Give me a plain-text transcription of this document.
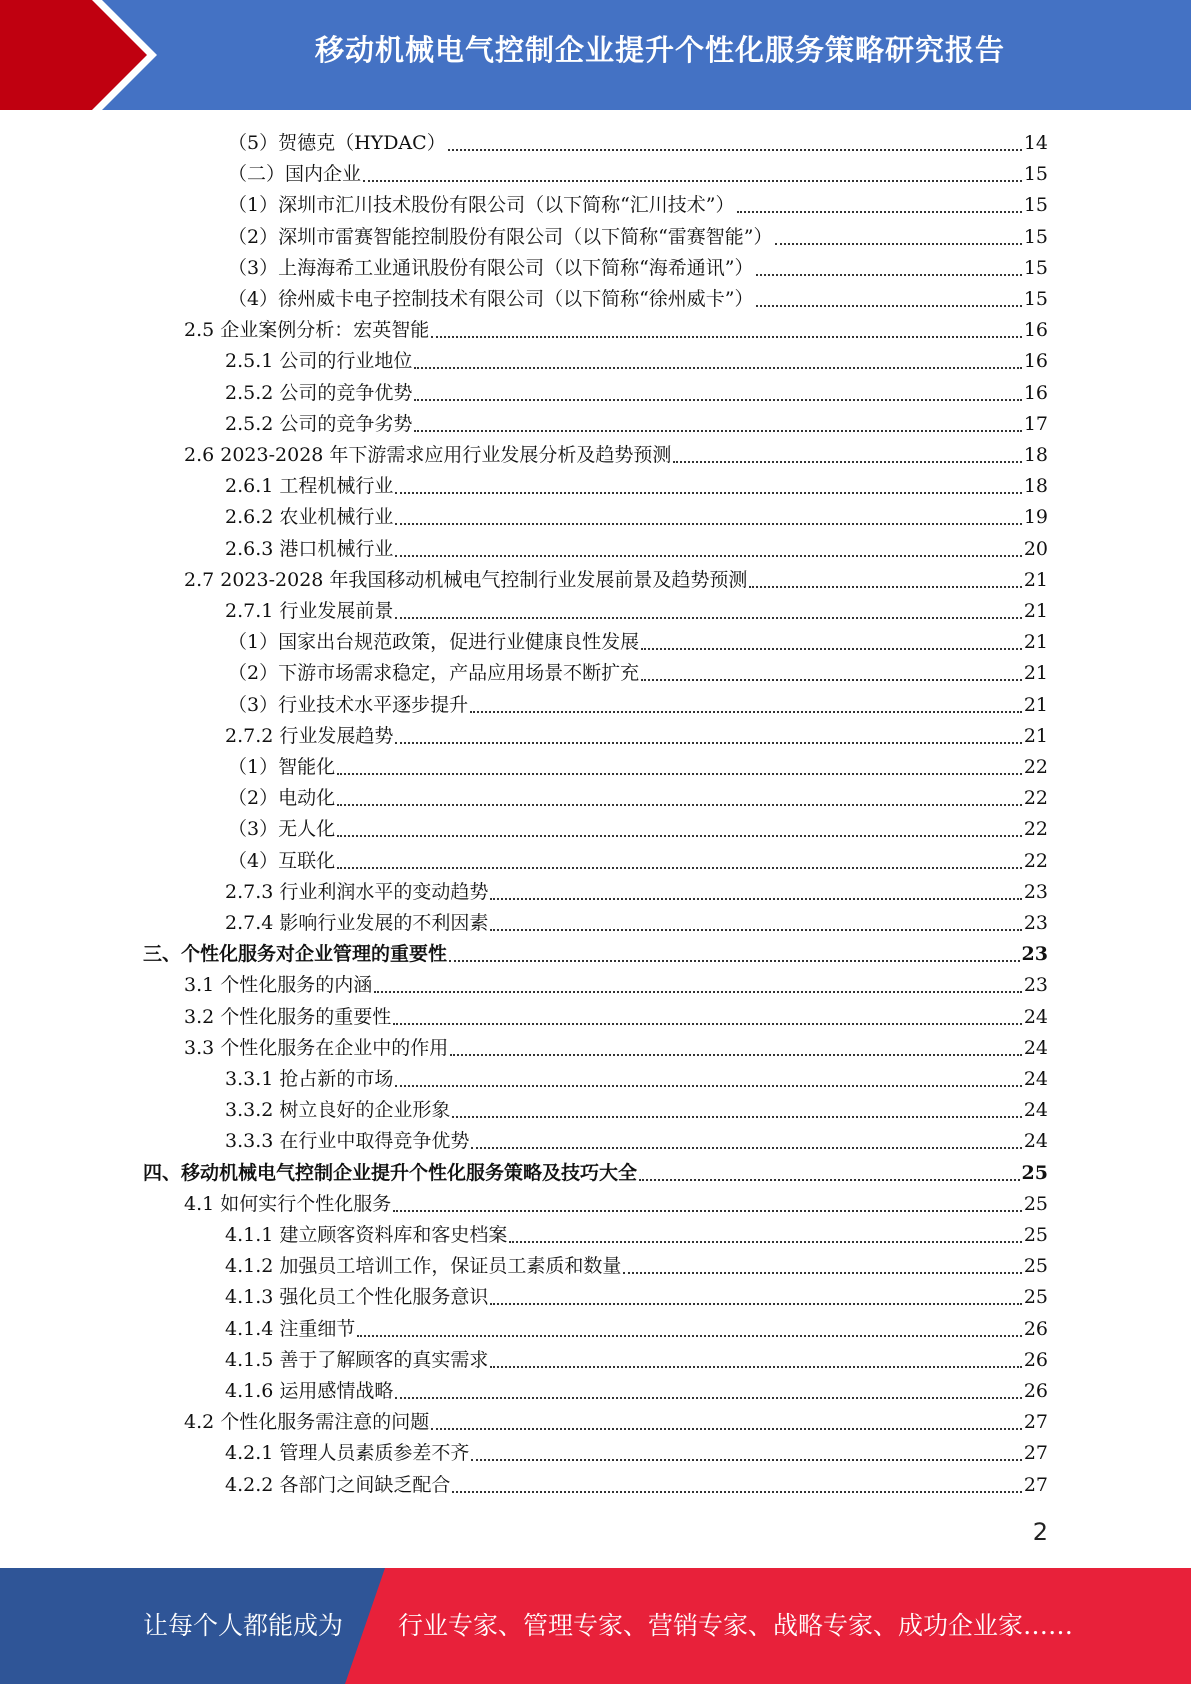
移动机械电气控制企业提升个性化服务策略研究报告
（5）贺德克（HYDAC）	14
（二）国内企业	15
（1）深圳市汇川技术股份有限公司（以下简称“汇川技术”）	15
（2）深圳市雷赛智能控制股份有限公司（以下简称“雷赛智能”）	15
（3）上海海希工业通讯股份有限公司（以下简称“海希通讯”）	15
（4）徐州威卡电子控制技术有限公司（以下简称“徐州威卡”）	15
2.5 企业案例分析：宏英智能	16
2.5.1 公司的行业地位	16
2.5.2 公司的竞争优势	16
2.5.2 公司的竞争劣势	17
2.6 2023-2028 年下游需求应用行业发展分析及趋势预测	18
2.6.1 工程机械行业	18
2.6.2 农业机械行业	19
2.6.3 港口机械行业	20
2.7 2023-2028 年我国移动机械电气控制行业发展前景及趋势预测	21
2.7.1 行业发展前景	21
（1）国家出台规范政策，促进行业健康良性发展	21
（2）下游市场需求稳定，产品应用场景不断扩充	21
（3）行业技术水平逐步提升	21
2.7.2 行业发展趋势	21
（1）智能化	22
（2）电动化	22
（3）无人化	22
（4）互联化	22
2.7.3 行业利润水平的变动趋势	23
2.7.4 影响行业发展的不利因素	23
三、个性化服务对企业管理的重要性	23
3.1 个性化服务的内涵	23
3.2 个性化服务的重要性	24
3.3 个性化服务在企业中的作用	24
3.3.1 抢占新的市场	24
3.3.2 树立良好的企业形象	24
3.3.3 在行业中取得竞争优势	24
四、移动机械电气控制企业提升个性化服务策略及技巧大全	25
4.1 如何实行个性化服务	25
4.1.1 建立顾客资料库和客史档案	25
4.1.2 加强员工培训工作，保证员工素质和数量	25
4.1.3 强化员工个性化服务意识	25
4.1.4 注重细节	26
4.1.5 善于了解顾客的真实需求	26
4.1.6 运用感情战略	26
4.2 个性化服务需注意的问题	27
4.2.1 管理人员素质参差不齐	27
4.2.2 各部门之间缺乏配合	27
2
让每个人都能成为 行业专家、管理专家、营销专家、战略专家、成功企业家……
